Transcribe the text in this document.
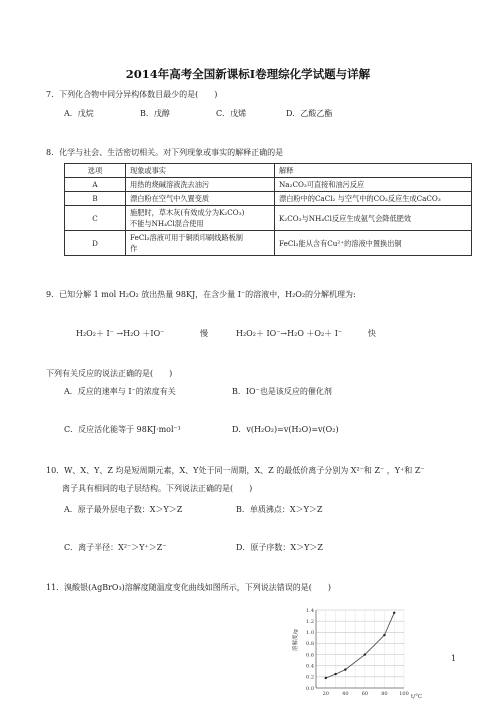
2014年高考全国新课标Ⅰ卷理综化学试题与详解
7．下列化合物中同分异构体数目最少的是(　　)
A．戊烷	B．戊醇	C．戊烯	D．乙酸乙酯
8．化学与社会、生活密切相关。对下列现象或事实的解释正确的是
选项	现象或事实	解释
A	用热的烧碱溶液洗去油污	Na₂CO₃可直接和油污反应
B	漂白粉在空气中久置变质	漂白粉中的CaCl₂ 与空气中的CO₂反应生成CaCO₃
C	施肥时，草木灰(有效成分为K₂CO₃)
不能与NH₄Cl混合使用	K₂CO₃与NH₄Cl反应生成氨气会降低肥效
D	FeCl₃溶液可用于铜质印刷线路板制
作	FeCl₃能从含有Cu²⁺的溶液中置换出铜
9．已知分解 1 mol H₂O₂ 放出热量 98KJ，在含少量 I⁻的溶液中，H₂O₂的分解机理为:
H₂O₂＋ I⁻ →H₂O ＋IO⁻	慢	H₂O₂＋ IO⁻→H₂O ＋O₂＋ I⁻	快
下列有关反应的说法正确的是(　　)
A．反应的速率与 I⁻的浓度有关	B．IO⁻也是该反应的催化剂
C．反应活化能等于 98KJ·mol⁻¹	D．v(H₂O₂)=v(H₂O)=v(O₂)
10．W、X、Y、Z 均是短周期元素，X、Y处于同一周期，X、Z 的最低价离子分别为 X²⁻和 Z⁻ ，Y⁺和 Z⁻
离子具有相同的电子层结构。下列说法正确的是(　　)
A．原子最外层电子数：X＞Y＞Z	B．单质沸点：X＞Y＞Z
C．离子半径：X²⁻＞Y⁺＞Z⁻	D．原子序数：X＞Y＞Z
11．溴酸银(AgBrO₃)溶解度随温度变化曲线如图所示，下列说法错误的是(　　)
0.0
0.2
0.4
0.6
0.8
1.0
1.2
1.4
20	40	60	80 100
溶解度/g
t/°C
1
